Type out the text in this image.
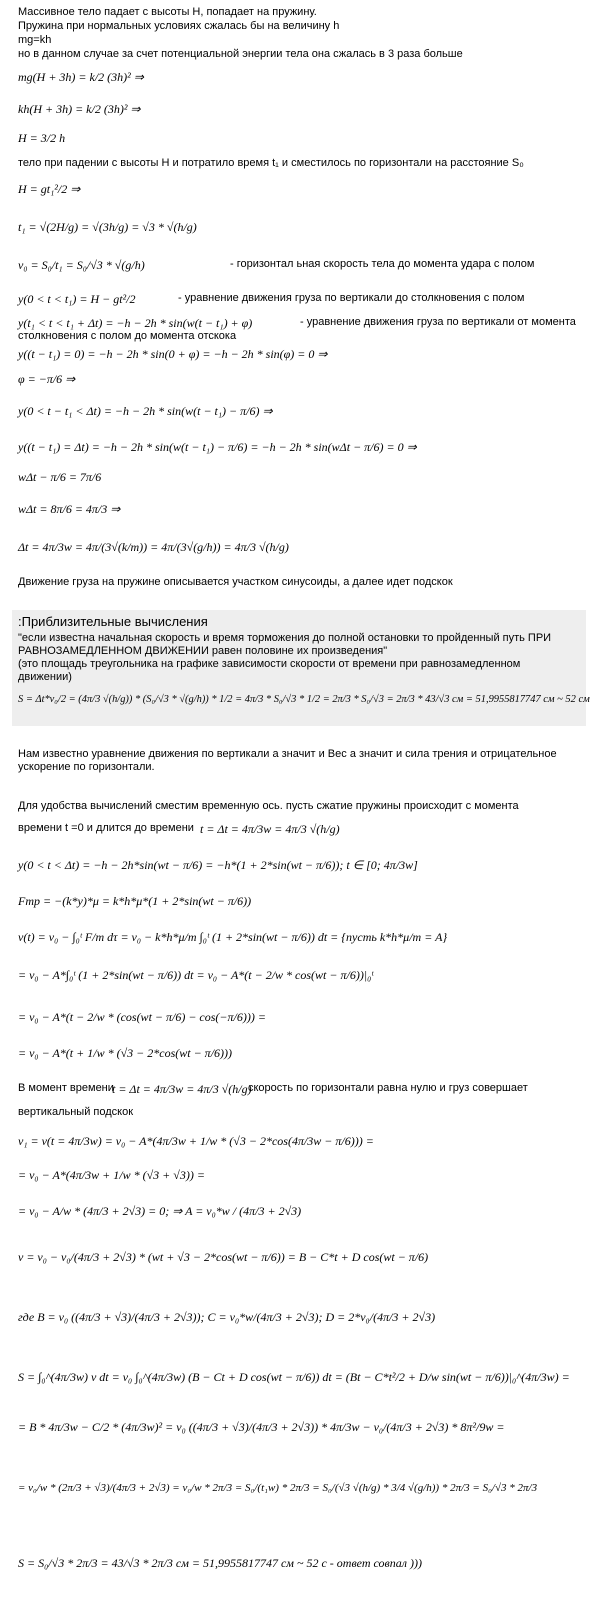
Массивное тело падает с высоты H, попадает на пружину.
Пружина при нормальных условиях сжалась бы на величину h
mg=kh
но в данном случае за счет потенциальной энергии тела она сжалась в 3 раза больше
mg(H + 3h) = k/2 (3h)² ⇒
kh(H + 3h) = k/2 (3h)² ⇒
H = 3/2 h
тело при падении с высоты H и потратило время t₁ и сместилось по горизонтали на расстояние S₀
H = gt₁²/2 ⇒
t₁ = √(2H/g) = √(3h/g) = √3 * √(h/g)
v₀ = S₀/t₁ = S₀/√3 * √(g/h)	- горизонтал ьная скорость тела до момента удара с полом
y(0 < t < t₁) = H − gt²/2	- уравнение движения груза по вертикали до столкновения с полом
y(t₁ < t < t₁ + Δt) = −h − 2h * sin(w(t − t₁) + φ)	- уравнение движения груза по вертикали от момента
столкновения с полом до момента отскока
y((t − t₁) = 0) = −h − 2h * sin(0 + φ) = −h − 2h * sin(φ) = 0 ⇒
φ = −π/6 ⇒
y(0 < t − t₁ < Δt) = −h − 2h * sin(w(t − t₁) − π/6) ⇒
y((t − t₁) = Δt) = −h − 2h * sin(w(t − t₁) − π/6) = −h − 2h * sin(wΔt − π/6) = 0 ⇒
wΔt − π/6 = 7π/6
wΔt = 8π/6 = 4π/3 ⇒
Δt = 4π/3w = 4π/(3√(k/m)) = 4π/(3√(g/h)) = 4π/3 √(h/g)
Движение груза на пружине описывается участком синусоиды, а далее идет подскок
:Приблизительные вычисления
"если известна начальная скорость и время торможения до полной остановки то пройденный путь ПРИ
РАВНОЗАМЕДЛЕННОМ ДВИЖЕНИИ равен половине их произведения"
(это площадь треугольника на графике зависимости скорости от времени при равнозамедленном
движении)
S = Δt*v₀/2 = (4π/3 √(h/g)) * (S₀/√3 * √(g/h)) * 1/2 = 4π/3 * S₀/√3 * 1/2 = 2π/3 * S₀/√3 = 2π/3 * 43/√3 см = 51,9955817747 см ~ 52 см
Нам известно уравнение движения по вертикали а значит и Вес а значит и сила трения и отрицательное
ускорение по горизонтали.
Для удобства вычислений сместим временную ось. пусть сжатие пружины происходит с момента
времени t =0 и длится до времени t = Δt = 4π/3w = 4π/3 √(h/g)
y(0 < t < Δt) = −h − 2h*sin(wt − π/6) = −h*(1 + 2*sin(wt − π/6)); t ∈ [0; 4π/3w]
Fтр = −(k*y)*μ = k*h*μ*(1 + 2*sin(wt − π/6))
v(t) = v₀ − ∫₀ᵗ F/m dτ = v₀ − k*h*μ/m ∫₀ᵗ (1 + 2*sin(wt − π/6)) dt = {пусть k*h*μ/m = A}
= v₀ − A*∫₀ᵗ (1 + 2*sin(wt − π/6)) dt = v₀ − A*(t − 2/w * cos(wt − π/6))|₀ᵗ
= v₀ − A*(t − 2/w * (cos(wt − π/6) − cos(−π/6))) =
= v₀ − A*(t + 1/w * (√3 − 2*cos(wt − π/6)))
В момент времени
t = Δt = 4π/3w = 4π/3 √(h/g)
скорость по горизонтали равна нулю и груз совершает
вертикальный подскок
v₁ = v(t = 4π/3w) = v₀ − A*(4π/3w + 1/w * (√3 − 2*cos(4π/3w − π/6))) =
= v₀ − A*(4π/3w + 1/w * (√3 + √3)) =
= v₀ − A/w * (4π/3 + 2√3) = 0; ⇒ A = v₀*w / (4π/3 + 2√3)
v = v₀ − v₀/(4π/3 + 2√3) * (wt + √3 − 2*cos(wt − π/6)) = B − C*t + D cos(wt − π/6)
где B = v₀ ((4π/3 + √3)/(4π/3 + 2√3)); C = v₀*w/(4π/3 + 2√3); D = 2*v₀/(4π/3 + 2√3)
S = ∫₀^(4π/3w) v dt = v₀ ∫₀^(4π/3w) (B − Ct + D cos(wt − π/6)) dt = (Bt − C*t²/2 + D/w sin(wt − π/6))|₀^(4π/3w) =
= B * 4π/3w − C/2 * (4π/3w)² = v₀ ((4π/3 + √3)/(4π/3 + 2√3)) * 4π/3w − v₀/(4π/3 + 2√3) * 8π²/9w =
= v₀/w * (2π/3 + √3)/(4π/3 + 2√3) = v₀/w * 2π/3 = S₀/(t₁w) * 2π/3 = S₀/(√3 √(h/g) * 3/4 √(g/h)) * 2π/3 = S₀/√3 * 2π/3
S = S₀/√3 * 2π/3 = 43/√3 * 2π/3 см = 51,9955817747 см ~ 52 с - ответ совпал )))
